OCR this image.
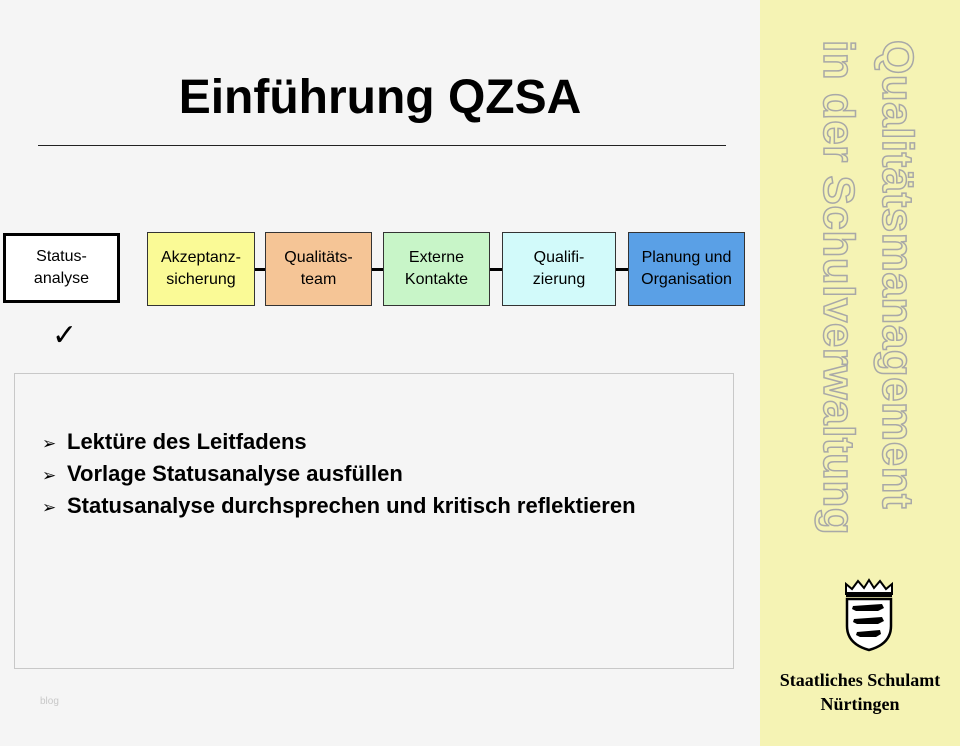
Einführung QZSA
Status-
analyse
Akzeptanz-
sicherung
Qualitäts-
team
Externe
Kontakte
Qualifi-
zierung
Planung und
Organisation
✓
➢ Lektüre des Leitfadens
➢ Vorlage Statusanalyse ausfüllen
➢ Statusanalyse durchsprechen und kritisch reflektieren
blog
Qualitätsmanagement
in der Schulverwaltung
Staatliches Schulamt
Nürtingen
